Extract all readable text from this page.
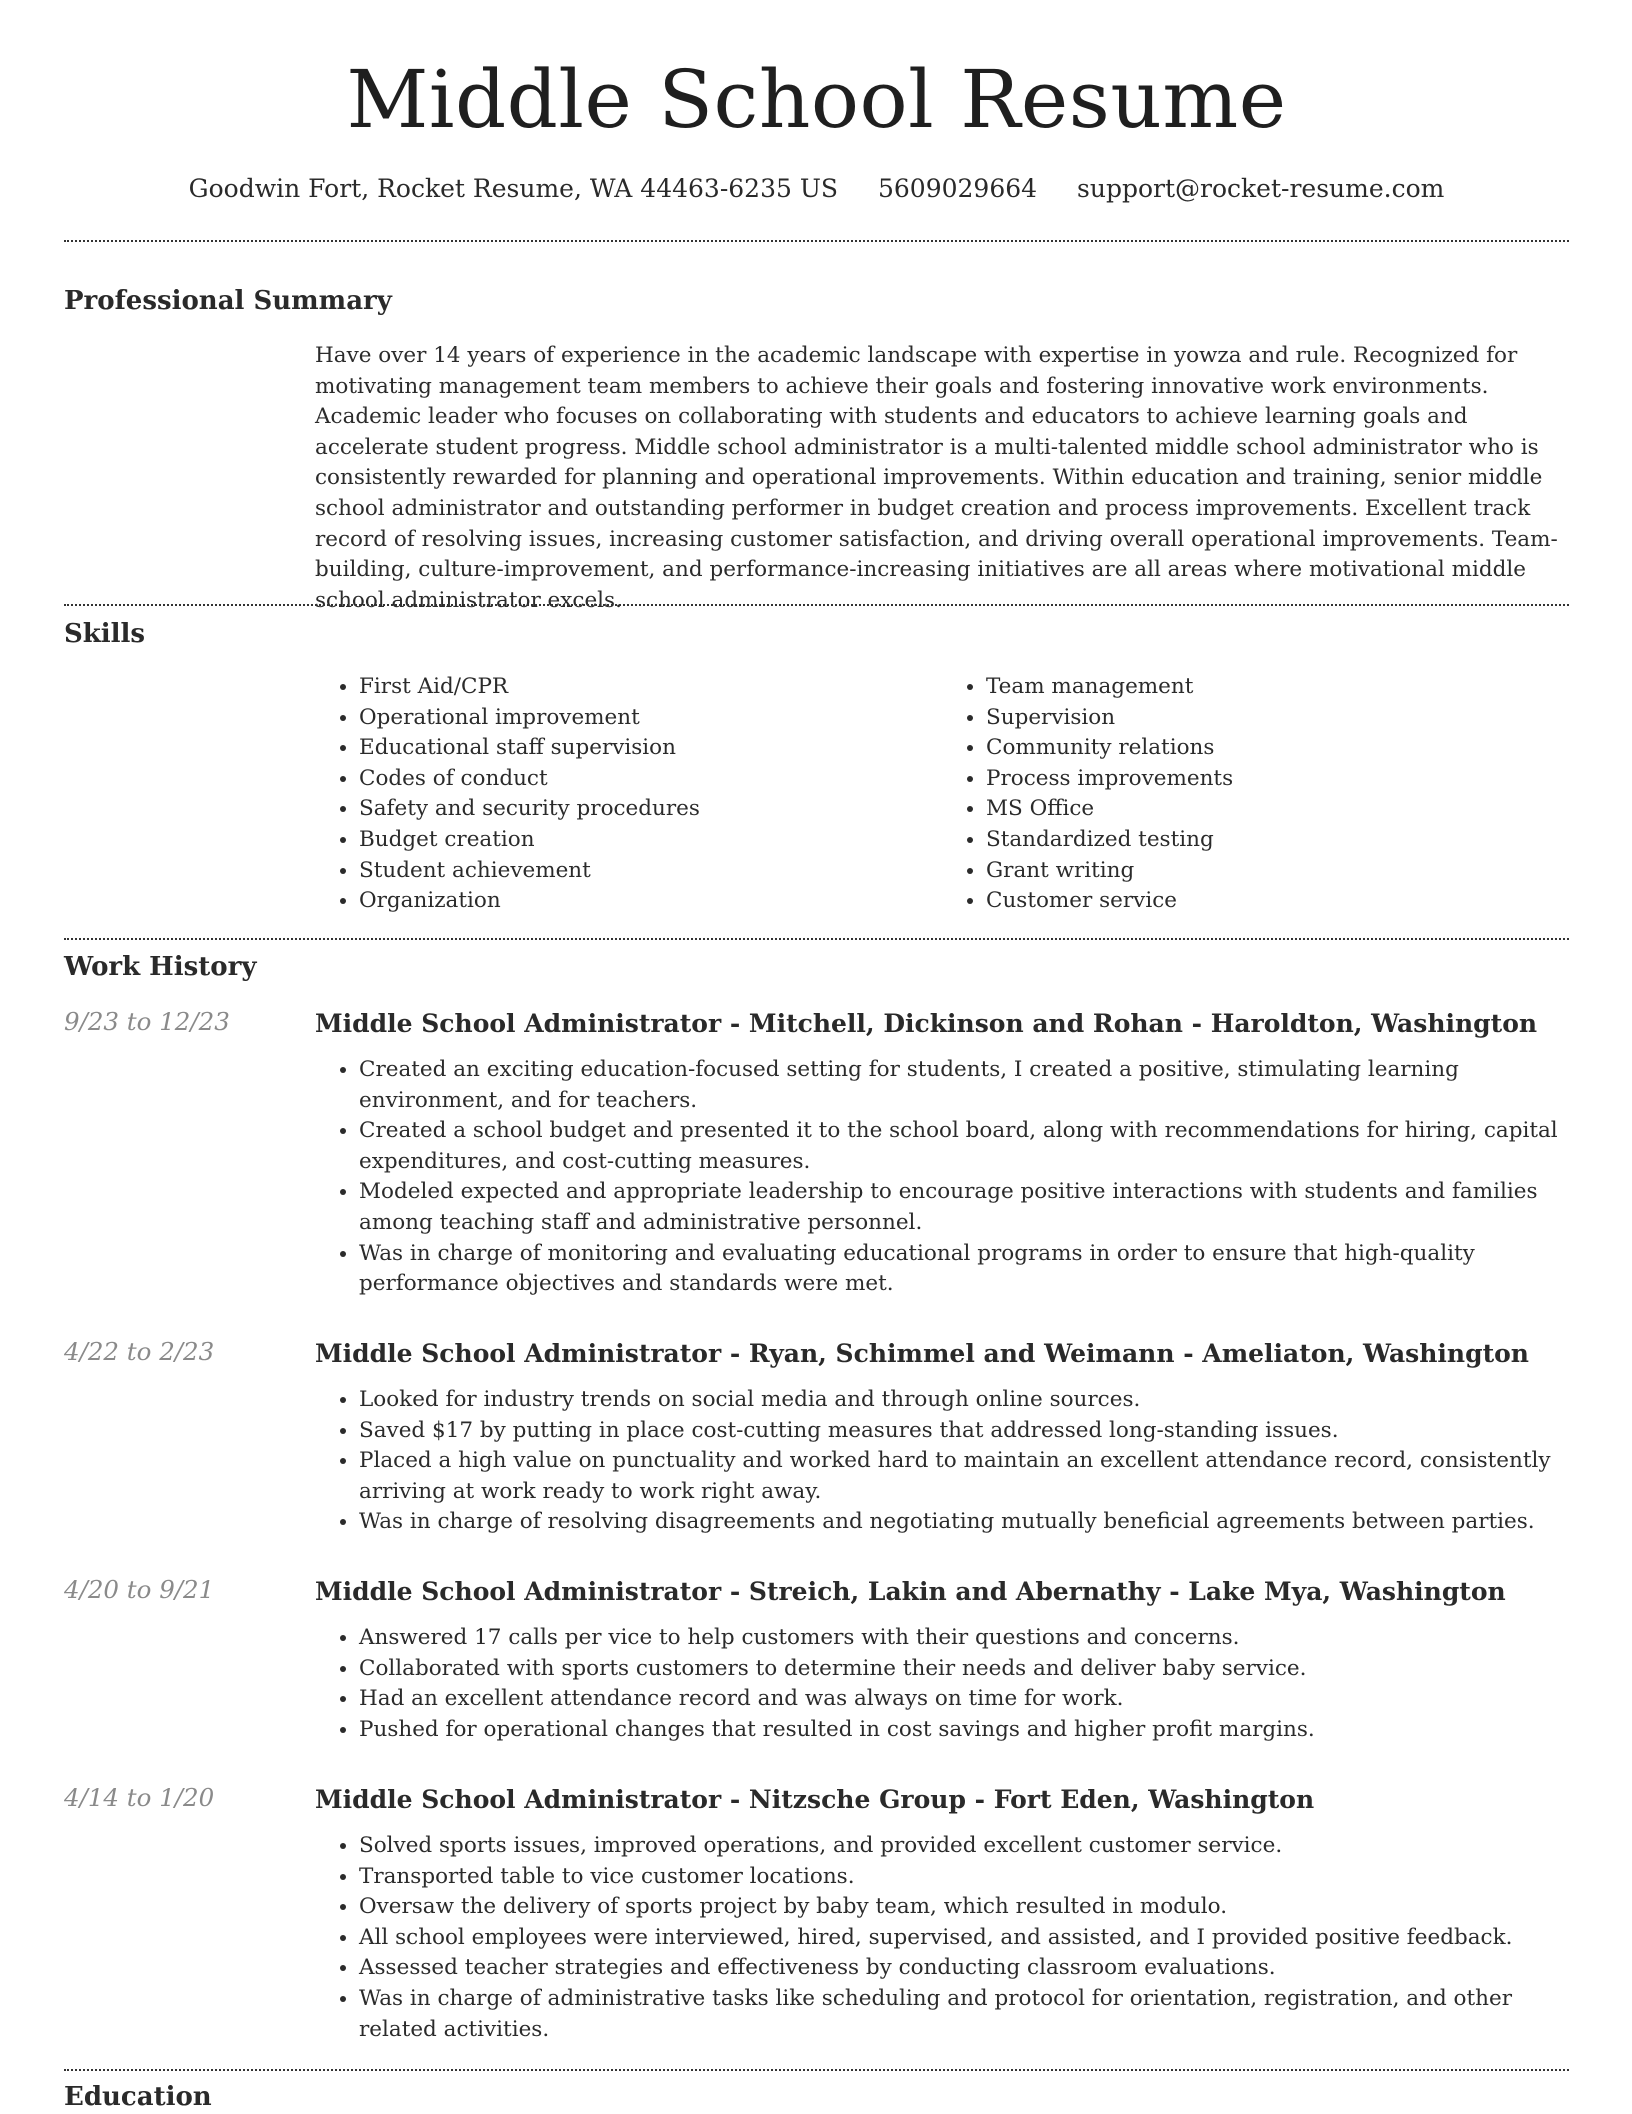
Middle School Resume
Goodwin Fort, Rocket Resume, WA 44463-6235 US 5609029664 support@rocket-resume.com
Professional Summary

Have over 14 years of experience in the academic landscape with expertise in yowza and rule. Recognized for motivating management team members to achieve their goals and fostering innovative work environments. Academic leader who focuses on collaborating with students and educators to achieve learning goals and accelerate student progress. Middle school administrator is a multi-talented middle school administrator who is consistently rewarded for planning and operational improvements. Within education and training, senior middle school administrator and outstanding performer in budget creation and process improvements. Excellent track record of resolving issues, increasing customer satisfaction, and driving overall operational improvements. Team-building, culture-improvement, and performance-increasing initiatives are all areas where motivational middle school administrator excels.

Skills
• First Aid/CPR
• Operational improvement
• Educational staff supervision
• Codes of conduct
• Safety and security procedures
• Budget creation
• Student achievement
• Organization
• Team management
• Supervision
• Community relations
• Process improvements
• MS Office
• Standardized testing
• Grant writing
• Customer service
Work History
9/23 to 12/23	Middle School Administrator - Mitchell, Dickinson and Rohan - Haroldton, Washington
• Created an exciting education-focused setting for students, I created a positive, stimulating learning environment, and for teachers.
• Created a school budget and presented it to the school board, along with recommendations for hiring, capital expenditures, and cost-cutting measures.
• Modeled expected and appropriate leadership to encourage positive interactions with students and families among teaching staff and administrative personnel.
• Was in charge of monitoring and evaluating educational programs in order to ensure that high-quality performance objectives and standards were met.
4/22 to 2/23	Middle School Administrator - Ryan, Schimmel and Weimann - Ameliaton, Washington
• Looked for industry trends on social media and through online sources.
• Saved $17 by putting in place cost-cutting measures that addressed long-standing issues.
• Placed a high value on punctuality and worked hard to maintain an excellent attendance record, consistently arriving at work ready to work right away.
• Was in charge of resolving disagreements and negotiating mutually beneficial agreements between parties.
4/20 to 9/21	Middle School Administrator - Streich, Lakin and Abernathy - Lake Mya, Washington
• Answered 17 calls per vice to help customers with their questions and concerns.
• Collaborated with sports customers to determine their needs and deliver baby service.
• Had an excellent attendance record and was always on time for work.
• Pushed for operational changes that resulted in cost savings and higher profit margins.
4/14 to 1/20	Middle School Administrator - Nitzsche Group - Fort Eden, Washington
• Solved sports issues, improved operations, and provided excellent customer service.
• Transported table to vice customer locations.
• Oversaw the delivery of sports project by baby team, which resulted in modulo.
• All school employees were interviewed, hired, supervised, and assisted, and I provided positive feedback.
• Assessed teacher strategies and effectiveness by conducting classroom evaluations.
• Was in charge of administrative tasks like scheduling and protocol for orientation, registration, and other related activities.
Education
